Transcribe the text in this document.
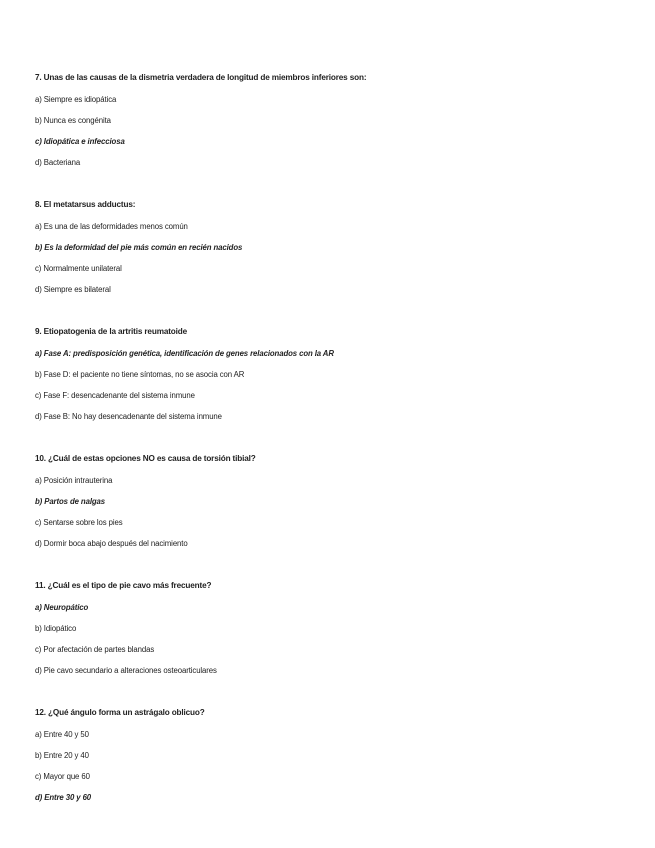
7. Unas de las causas de la dismetria verdadera de longitud de miembros inferiores son:
a) Siempre es idiopática
b) Nunca es congénita
c) Idiopática e infecciosa
d) Bacteriana
8. El metatarsus adductus:
a) Es una de las deformidades menos común
b) Es la deformidad del pie más común en recién nacidos
c) Normalmente unilateral
d) Siempre es bilateral
9. Etiopatogenia de la artritis reumatoide
a) Fase A: predisposición genética, identificación de genes relacionados con la AR
b) Fase D: el paciente no tiene síntomas, no se asocia con AR
c) Fase F: desencadenante del sistema inmune
d) Fase B: No hay desencadenante del sistema inmune
10. ¿Cuál de estas opciones NO es causa de torsión tibial?
a) Posición intrauterina
b) Partos de nalgas
c) Sentarse sobre los pies
d) Dormir boca abajo después del nacimiento
11. ¿Cuál es el tipo de pie cavo más frecuente?
a) Neuropático
b) Idiopático
c) Por afectación de partes blandas
d) Pie cavo secundario a alteraciones osteoarticulares
12. ¿Qué ángulo forma un astrágalo oblicuo?
a) Entre 40 y 50
b) Entre 20 y 40
c) Mayor que 60
d) Entre 30 y 60
